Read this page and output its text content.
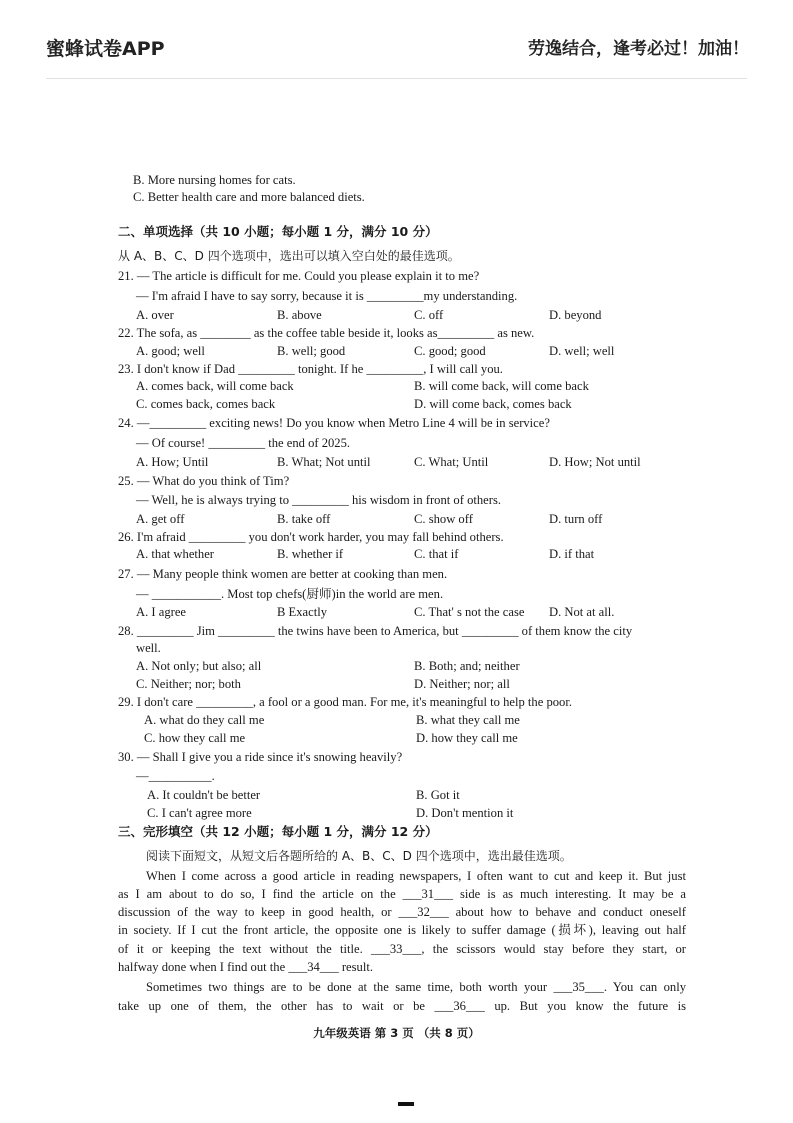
蜜蜂试卷APP	劳逸结合，逢考必过！加油！
B. More nursing homes for cats.
C. Better health care and more balanced diets.
二、单项选择（共 10 小题；每小题 1 分，满分 10 分）
从 A、B、C、D 四个选项中，选出可以填入空白处的最佳选项。
21. — The article is difficult for me. Could you please explain it to me?
— I'm afraid I have to say sorry, because it is _________my understanding.
A. over	B. above	C. off	D. beyond
22. The sofa, as ________ as the coffee table beside it, looks as_________ as new.
A. good; well	B. well; good	C. good; good	D. well; well
23. I don't know if Dad _________ tonight. If he _________, I will call you.
A. comes back, will come back	B. will come back, will come back
C. comes back, comes back	D. will come back, comes back
24. —_________ exciting news! Do you know when Metro Line 4 will be in service?
— Of course! _________ the end of 2025.
A. How; Until	B. What; Not until	C. What; Until	D. How; Not until
25. — What do you think of Tim?
— Well, he is always trying to _________ his wisdom in front of others.
A. get off	B. take off	C. show off	D. turn off
26. I'm afraid _________ you don't work harder, you may fall behind others.
A. that whether	B. whether if	C. that if	D. if that
27. — Many people think women are better at cooking than men.
— ___________. Most top chefs(厨师)in the world are men.
A. I agree	B Exactly	C. That' s not the case D. Not at all.
28. _________ Jim _________ the twins have been to America, but _________ of them know the city
well.
A. Not only; but also; all	B. Both; and; neither
C. Neither; nor; both	D. Neither; nor; all
29. I don't care _________, a fool or a good man. For me, it's meaningful to help the poor.
A. what do they call me	B. what they call me
C. how they call me	D. how they call me
30. — Shall I give you a ride since it's snowing heavily?
—__________.
A. It couldn't be better	B. Got it
C. I can't agree more	D. Don't mention it
三、完形填空（共 12 小题；每小题 1 分，满分 12 分）
阅读下面短文，从短文后各题所给的 A、B、C、D 四个选项中，选出最佳选项。
When I come across a good article in reading newspapers, I often want to cut and keep it. But just
as I am about to do so, I find the article on the ___31___ side is as much interesting. It may be a
discussion of the way to keep in good health, or ___32___ about how to behave and conduct oneself
in society. If I cut the front article, the opposite one is likely to suffer damage (损坏), leaving out half
of it or keeping the text without the title. ___33___, the scissors would stay before they start, or
halfway done when I find out the ___34___ result.
Sometimes two things are to be done at the same time, both worth your ___35___. You can only
take up one of them, the other has to wait or be ___36___ up. But you know the future is
九年级英语 第 3 页 （共 8 页）
